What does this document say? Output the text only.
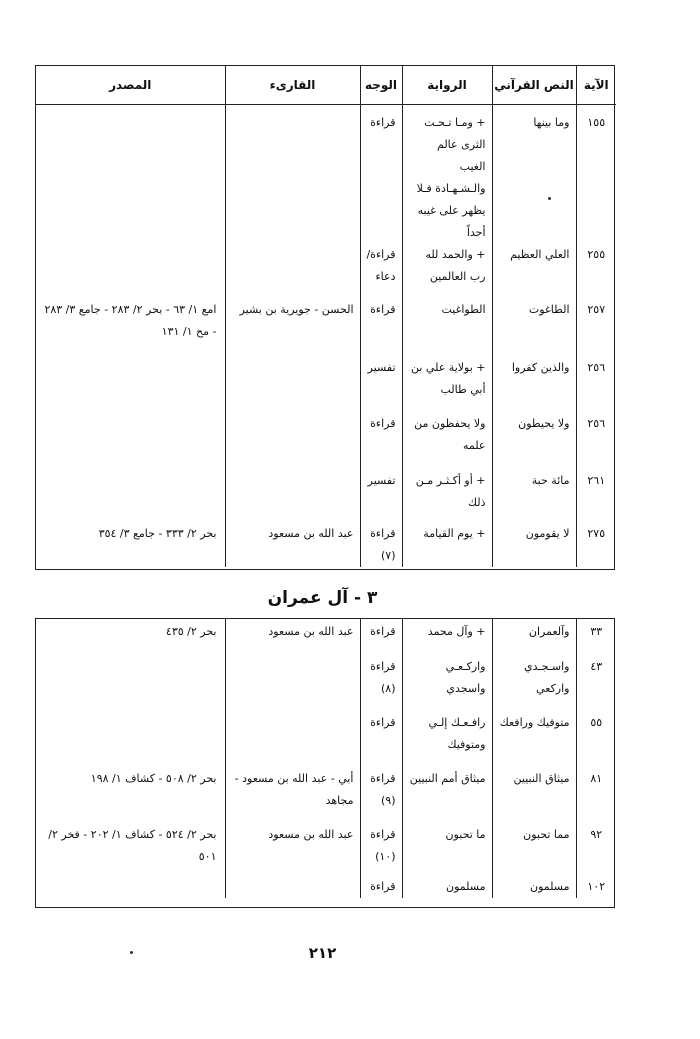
الآية	النص القرآني	الرواية	الوجه	القارىء	المصدر
١٥٥	وما بينها	+ ومـا تـحـت الثرى عالم الغيب والـشـهـادة فـلا يظهر على غيبه أحداً	قراءة		
٢٥٥	العلي العظيم	+ والحمد لله رب العالمين	قراءة/ دعاء		
٢٥٧	الطاغوت	الطواغيت	قراءة	الحسن - جويرية بن بشير	امع ١/ ٦٣ - بحر ٢/ ٢٨٣ - جامع ٣/ ٢٨٣ - مح ١/ ١٣١
٢٥٦	والذين كفروا	+ بولاية علي بن أبي طالب	تفسير		
٢٥٦	ولا يحيطون	ولا يحفظون من علمه	قراءة		
٢٦١	مائة حبة	+ أو أكـثـر مـن ذلك	تفسير		
٢٧٥	لا يقومون	+ يوم القيامة	قراءة (٧)	عبد الله بن مسعود	بحر ٢/ ٣٣٣ - جامع ٣/ ٣٥٤
٣ - آل عمران
٣٣	وآلعمران	+ وآل محمد	قراءة	عبد الله بن مسعود	بحر ٢/ ٤٣٥
٤٣	واسـجـدي واركعي	واركـعـي واسجدي	قراءة (٨)		
٥٥	متوفيك ورافعك	رافـعـك إلـي ومتوفيك	قراءة		
٨١	ميثاق النبيين	ميثاق أمم النبيين	قراءة (٩)	أبي - عبد الله بن مسعود - مجاهد	بحر ٢/ ٥٠٨ - كشاف ١/ ١٩٨
٩٢	مما تحبون	ما تحبون	قراءة (١٠)	عبد الله بن مسعود	بحر ٢/ ٥٢٤ - كشاف ١/ ٢٠٢ - فخر ٢/ ٥٠١
١٠٢	مسلمون	مسلمون	قراءة		
٢١٢
